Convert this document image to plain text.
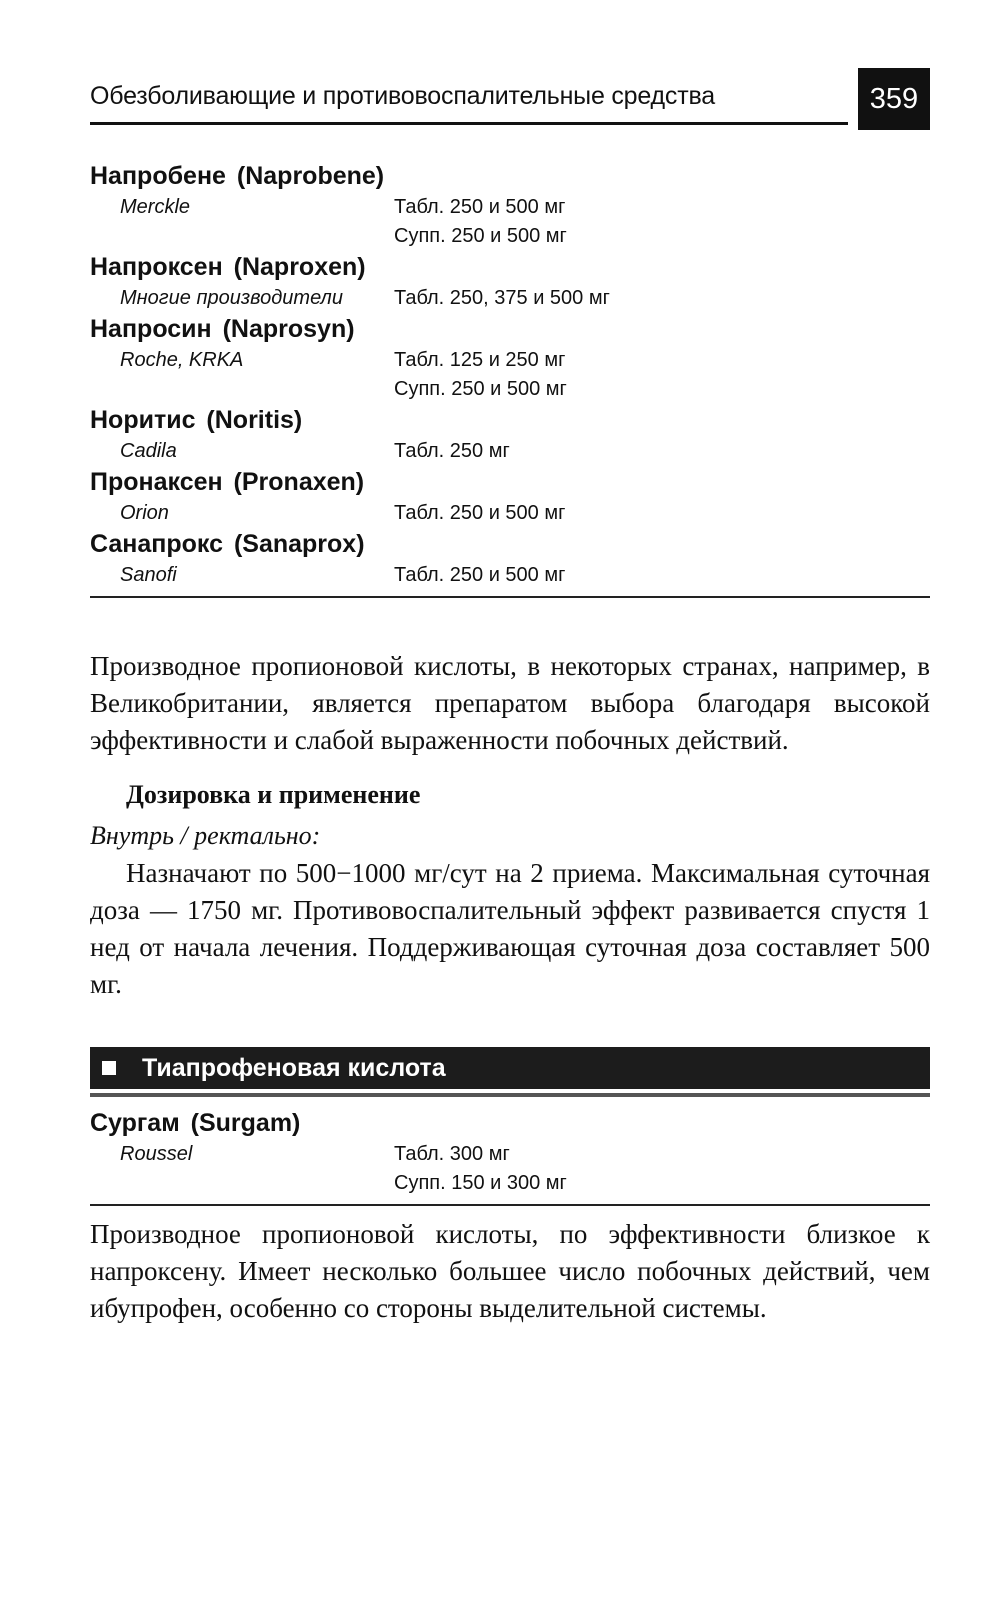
Обезболивающие и противовоспалительные средства	359
Напробене (Naprobene)
Merckle	Табл. 250 и 500 мг
Супп. 250 и 500 мг
Напроксен (Naproxen)
Многие производители	Табл. 250, 375 и 500 мг
Напросин (Naprosyn)
Roche, KRKA	Табл. 125 и 250 мг
Супп. 250 и 500 мг
Норитис (Noritis)
Cadila	Табл. 250 мг
Пронаксен (Pronaxen)
Orion	Табл. 250 и 500 мг
Санапрокс (Sanaprox)
Sanofi	Табл. 250 и 500 мг

Производное пропионовой кислоты, в некоторых странах, например, в Великобритании, является препаратом выбора благодаря высокой эффективности и слабой выраженности побочных действий.

Дозировка и применение
Внутрь / ректально:

Назначают по 500−1000 мг/сут на 2 приема. Максимальная суточная доза — 1750 мг. Противовоспалительный эффект развивается спустя 1 нед от начала лечения. Поддерживающая суточная доза составляет 500 мг.

Тиапрофеновая кислота
Сургам (Surgam)
Roussel	Табл. 300 мг
Супп. 150 и 300 мг

Производное пропионовой кислоты, по эффективности близкое к напроксену. Имеет несколько большее число побочных действий, чем ибупрофен, особенно со стороны выделительной системы.
